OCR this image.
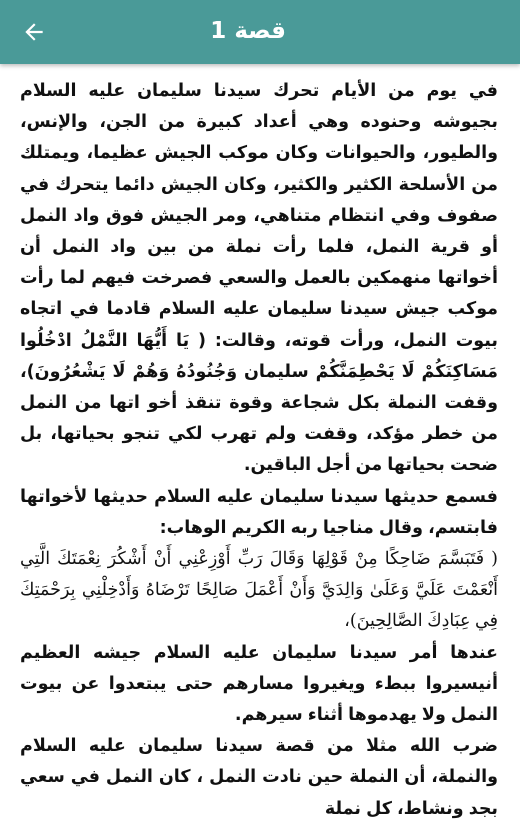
قصة 1

في يوم من الأيام تحرك سيدنا سليمان عليه السلام بجيوشه وحنوده وهي أعداد كبيرة من الجن، والإنس، والطيور، والحيوانات وكان موكب الجيش عظيما، ويمتلك من الأسلحة الكثير والكثير، وكان الجيش دائما يتحرك في صفوف وفي انتظام متناهي، ومر الجيش فوق واد النمل أو قرية النمل، فلما رأت نملة من بين واد النمل أن أخواتها منهمكين بالعمل والسعي فصرخت فيهم لما رأت موكب جيش سيدنا سليمان عليه السلام قادما في اتجاه بيوت النمل، ورأت قوته، وقالت: ( يَا أَيُّهَا النَّمْلُ ادْخُلُوا مَسَاكِنَكُمْ لَا يَحْطِمَنَّكُمْ سليمان وَجُنُودُهُ وَهُمْ لَا يَشْعُرُونَ)، وقفت النملة بكل شجاعة وقوة تنقذ أخو اتها من النمل من خطر مؤكد، وقفت ولم تهرب لكي تنجو بحياتها، بل ضحت بحياتها من أجل الباقين.

فسمع حديثها سيدنا سليمان عليه السلام حديثها لأخواتها فابتسم، وقال مناجيا ربه الكريم الوهاب:

( فَتَبَسَّمَ ضَاحِكًا مِنْ قَوْلِهَا وَقَالَ رَبِّ أَوْزِعْنِي أَنْ أَشْكُرَ نِعْمَتَكَ الَّتِي أَنْعَمْتَ عَلَيَّ وَعَلَىٰ وَالِدَيَّ وَأَنْ أَعْمَلَ صَالِحًا تَرْضَاهُ وَأَدْخِلْنِي بِرَحْمَتِكَ فِي عِبَادِكَ الصَّالِحِينَ)،

عندها أمر سيدنا سليمان عليه السلام جيشه العظيم أنيسيروا ببطء ويغيروا مسارهم حتى يبتعدوا عن بيوت النمل ولا يهدموها أثناء سيرهم.

ضرب الله مثلا من قصة سيدنا سليمان عليه السلام والنملة، أن النملة حين نادت النمل ، كان النمل في سعي بجد ونشاط، كل نملة
